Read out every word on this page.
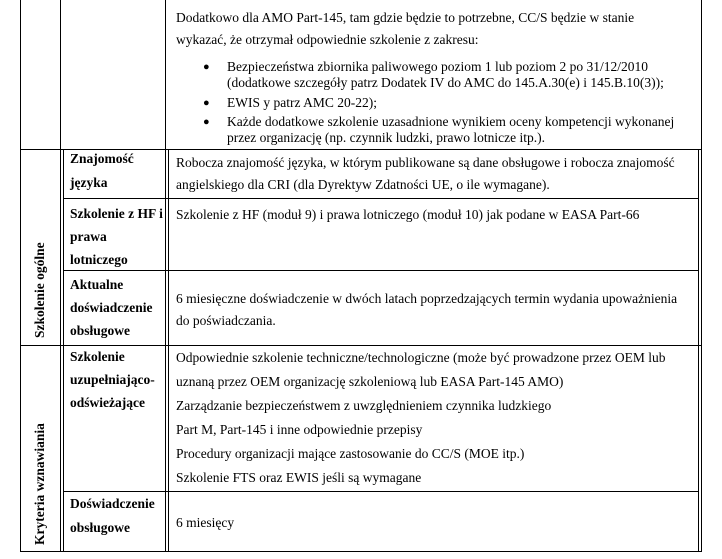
Dodatkowo dla AMO Part-145, tam gdzie będzie to potrzebne, CC/S będzie w stanie
wykazać, że otrzymał odpowiednie szkolenie z zakresu:
● Bezpieczeństwa zbiornika paliwowego poziom 1 lub poziom 2 po 31/12/2010
(dodatkowe szczegóły patrz Dodatek IV do AMC do 145.A.30(e) i 145.B.10(3));
● EWIS y patrz AMC 20-22);
● Każde dodatkowe szkolenie uzasadnione wynikiem oceny kompetencji wykonanej
przez organizację (np. czynnik ludzki, prawo lotnicze itp.).
Szkolenie ogólne
Kryteria wznawiania
Znajomość
języka
Robocza znajomość języka, w którym publikowane są dane obsługowe i robocza znajomość
angielskiego dla CRI (dla Dyrektyw Zdatności UE, o ile wymagane).
Szkolenie z HF i
prawa
lotniczego
Szkolenie z HF (moduł 9) i prawa lotniczego (moduł 10) jak podane w EASA Part-66
Aktualne
doświadczenie
obsługowe
6 miesięczne doświadczenie w dwóch latach poprzedzających termin wydania upoważnienia
do poświadczania.
Szkolenie
uzupełniająco-
odświeżające
Odpowiednie szkolenie techniczne/technologiczne (może być prowadzone przez OEM lub
uznaną przez OEM organizację szkoleniową lub EASA Part-145 AMO)
Zarządzanie bezpieczeństwem z uwzględnieniem czynnika ludzkiego
Part M, Part-145 i inne odpowiednie przepisy
Procedury organizacji mające zastosowanie do CC/S (MOE itp.)
Szkolenie FTS oraz EWIS jeśli są wymagane
Doświadczenie
obsługowe	6 miesięcy
